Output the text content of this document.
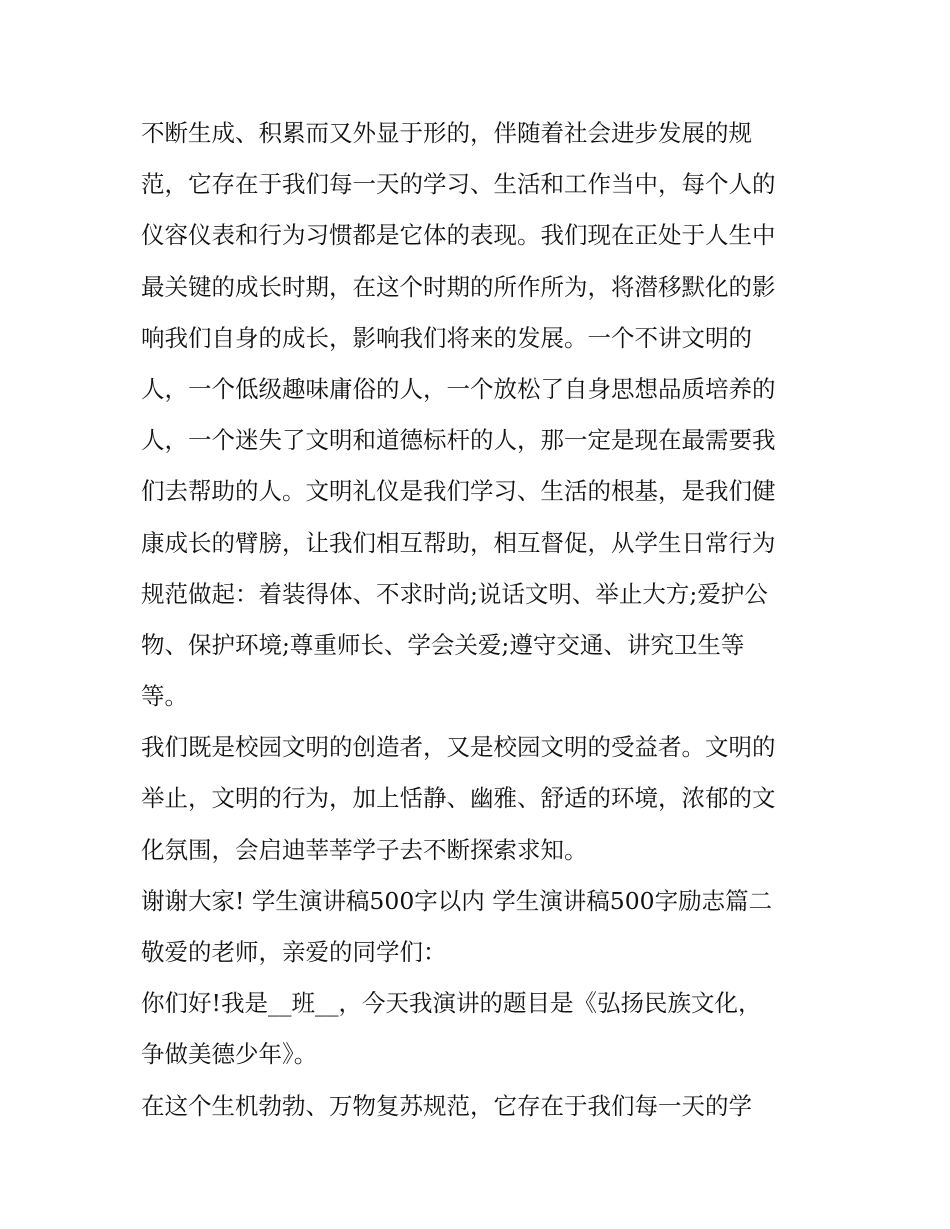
不断生成、积累而又外显于形的，伴随着社会进步发展的规
范，它存在于我们每一天的学习、生活和工作当中，每个人的
仪容仪表和行为习惯都是它体的表现。我们现在正处于人生中
最关键的成长时期，在这个时期的所作所为，将潜移默化的影
响我们自身的成长，影响我们将来的发展。一个不讲文明的
人，一个低级趣味庸俗的人，一个放松了自身思想品质培养的
人，一个迷失了文明和道德标杆的人，那一定是现在最需要我
们去帮助的人。文明礼仪是我们学习、生活的根基，是我们健
康成长的臂膀，让我们相互帮助，相互督促，从学生日常行为
规范做起：着装得体、不求时尚;说话文明、举止大方;爱护公
物、保护环境;尊重师长、学会关爱;遵守交通、讲究卫生等
等。
我们既是校园文明的创造者，又是校园文明的受益者。文明的
举止，文明的行为，加上恬静、幽雅、舒适的环境，浓郁的文
化氛围，会启迪莘莘学子去不断探索求知。
谢谢大家! 学生演讲稿500字以内 学生演讲稿500字励志篇二
敬爱的老师，亲爱的同学们：
你们好!我是__班__，今天我演讲的题目是《弘扬民族文化，
争做美德少年》。
在这个生机勃勃、万物复苏规范，它存在于我们每一天的学
